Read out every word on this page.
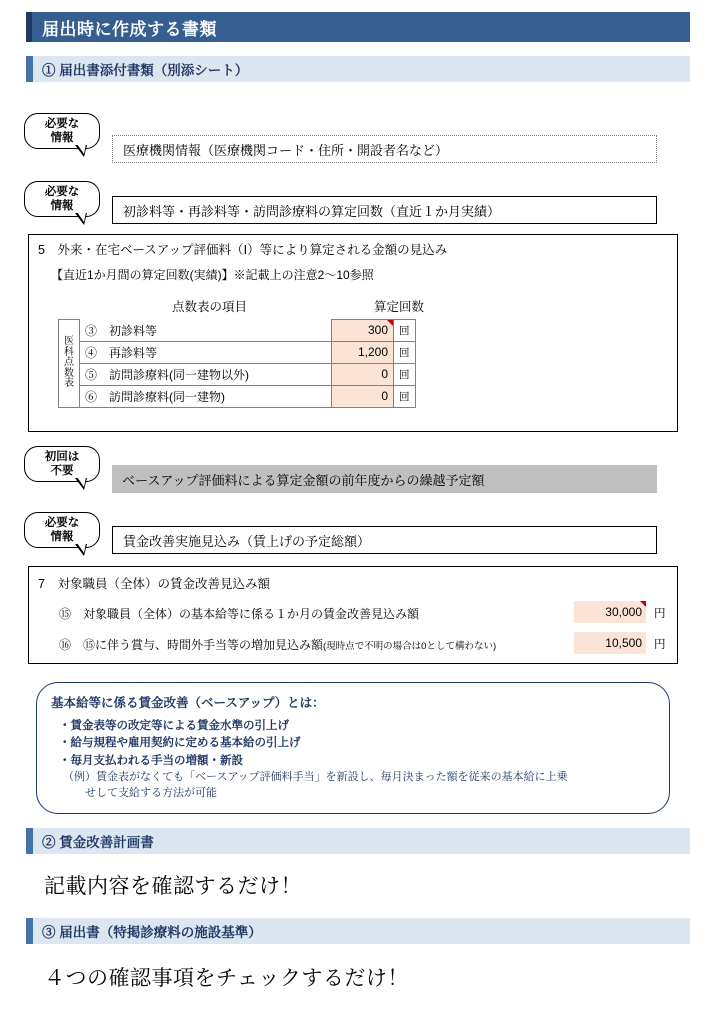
届出時に作成する書類
① 届出書添付書類（別添シート）
必要な
情報
医療機関情報（医療機関コード・住所・開設者名など）
必要な
情報	初診料等・再診料等・訪問診療料の算定回数（直近１か月実績）
5　外来・在宅ベースアップ評価料（Ⅰ）等により算定される金額の見込み
【直近1か月間の算定回数(実績)】※記載上の注意2〜10参照
点数表の項目	算定回数
医
科
点
数
表	③　初診料等	300	回
	④　再診料等	1,200	回
	⑤　訪問診療料(同一建物以外)	0	回
	⑥　訪問診療料(同一建物)	0	回
初回は
不要
ベースアップ評価料による算定金額の前年度からの繰越予定額
必要な
情報	賃金改善実施見込み（賃上げの予定総額）
7　対象職員（全体）の賃金改善見込み額
⑮　対象職員（全体）の基本給等に係る１か月の賃金改善見込み額	30,000	円
⑯　⑮に伴う賞与、時間外手当等の増加見込み額(現時点で不明の場合は0として構わない)	10,500	円
基本給等に係る賃金改善（ベースアップ）とは：

・賃金表等の改定等による賃金水準の引上げ

・給与規程や雇用契約に定める基本給の引上げ

・毎月支払われる手当の増額・新設

（例）賃金表がなくても「ベースアップ評価料手当」を新設し、毎月決まった額を従来の基本給に上乗

せして支給する方法が可能

② 賃金改善計画書
記載内容を確認するだけ！
③ 届出書（特掲診療料の施設基準）
４つの確認事項をチェックするだけ！
